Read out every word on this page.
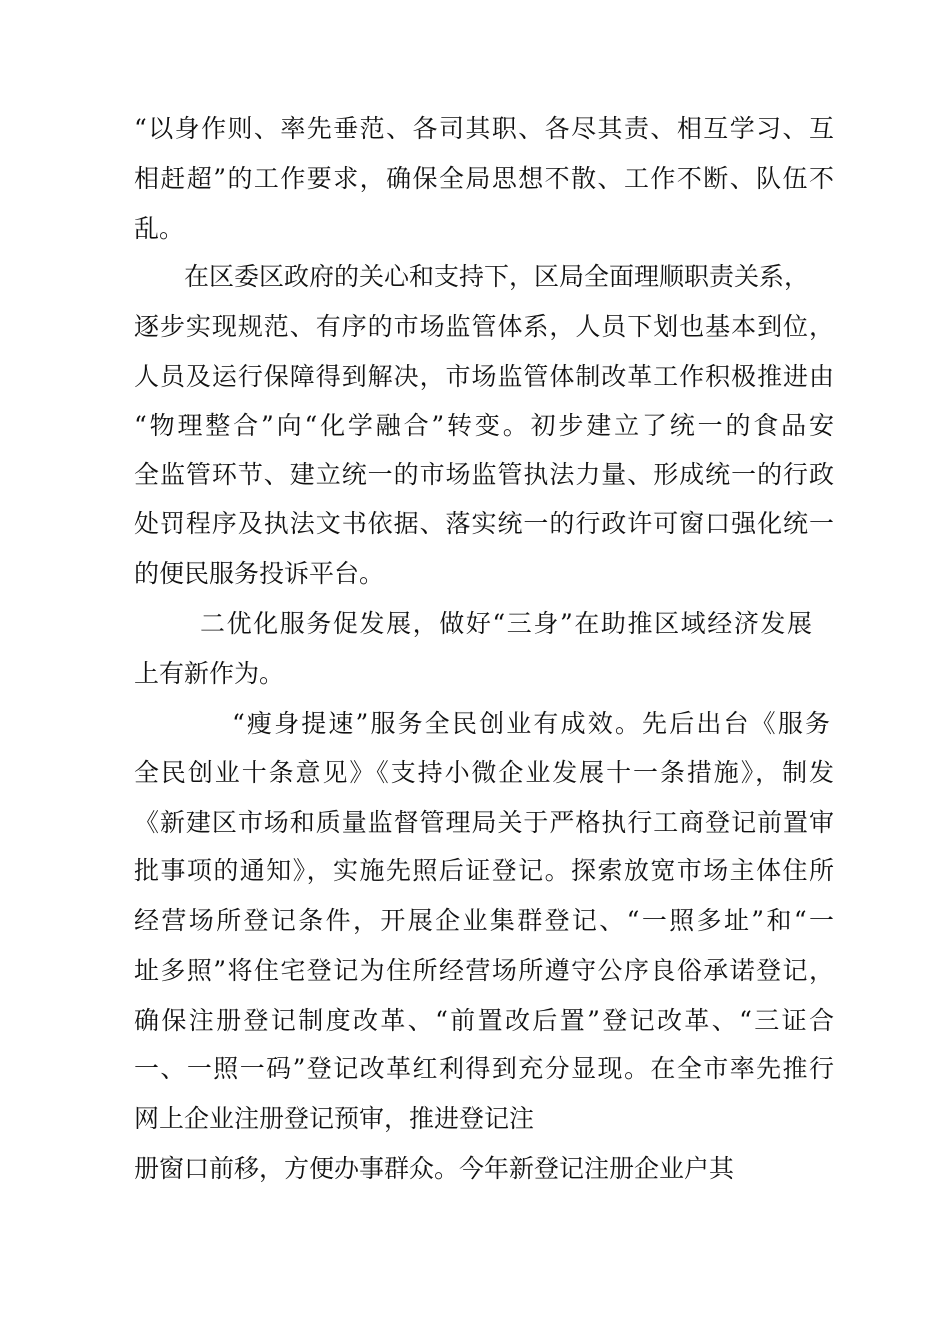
“以身作则、率先垂范、各司其职、各尽其责、相互学习、互
相赶超”的工作要求，确保全局思想不散、工作不断、队伍不
乱。
在区委区政府的关心和支持下，区局全面理顺职责关系，
逐步实现规范、有序的市场监管体系，人员下划也基本到位，
人员及运行保障得到解决，市场监管体制改革工作积极推进由
“物理整合”向“化学融合”转变。初步建立了统一的食品安
全监管环节、建立统一的市场监管执法力量、形成统一的行政
处罚程序及执法文书依据、落实统一的行政许可窗口强化统一
的便民服务投诉平台。
二优化服务促发展，做好“三身”在助推区域经济发展
上有新作为。
“瘦身提速”服务全民创业有成效。先后出台《服务
全民创业十条意见》《支持小微企业发展十一条措施》，制发
《新建区市场和质量监督管理局关于严格执行工商登记前置审
批事项的通知》，实施先照后证登记。探索放宽市场主体住所
经营场所登记条件，开展企业集群登记、“一照多址”和“一
址多照”将住宅登记为住所经营场所遵守公序良俗承诺登记，
确保注册登记制度改革、“前置改后置”登记改革、“三证合
一、一照一码”登记改革红利得到充分显现。在全市率先推行
网上企业注册登记预审，推进登记注
册窗口前移，方便办事群众。今年新登记注册企业户其
